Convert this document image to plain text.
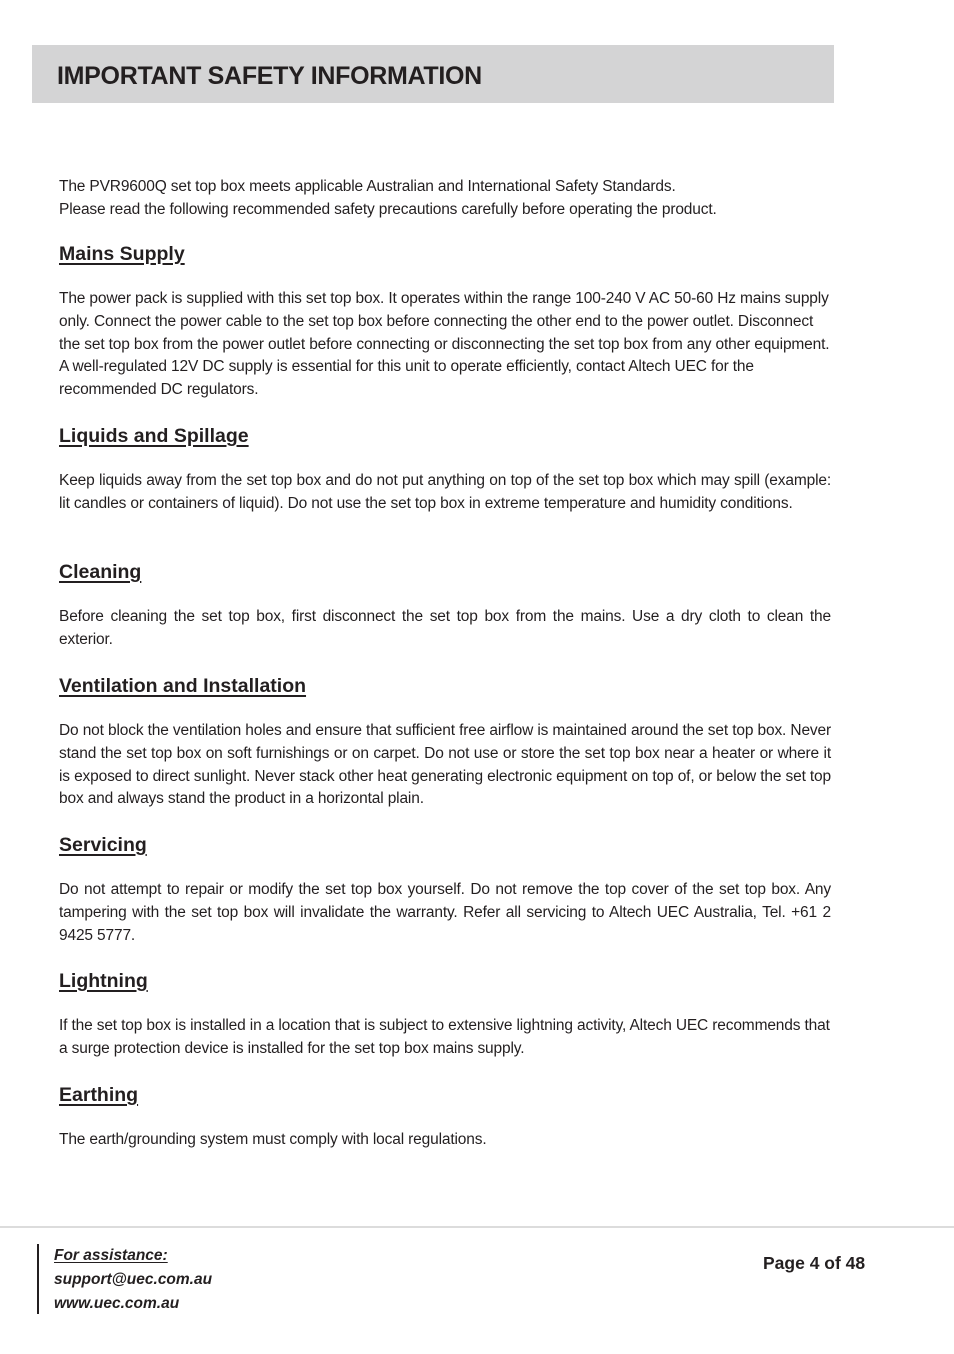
IMPORTANT SAFETY INFORMATION

The PVR9600Q set top box meets applicable Australian and International Safety Standards.

Please read the following recommended safety precautions carefully before operating the product.

Mains Supply

The power pack is supplied with this set top box. It operates within the range 100-240 V AC 50-60 Hz mains supply only. Connect the power cable to the set top box before connecting the other end to the power outlet. Disconnect the set top box from the power outlet before connecting or disconnecting the set top box from any other equipment. A well-regulated 12V DC supply is essential for this unit to operate efficiently, contact Altech UEC for the recommended DC regulators.

Liquids and Spillage

Keep liquids away from the set top box and do not put anything on top of the set top box which may spill (example: lit candles or containers of liquid). Do not use the set top box in extreme temperature and humidity conditions.

Cleaning

Before cleaning the set top box, first disconnect the set top box from the mains. Use a dry cloth to clean the exterior.

Ventilation and Installation

Do not block the ventilation holes and ensure that sufficient free airflow is maintained around the set top box. Never stand the set top box on soft furnishings or on carpet. Do not use or store the set top box near a heater or where it is exposed to direct sunlight. Never stack other heat generating electronic equipment on top of, or below the set top box and always stand the product in a horizontal plain.

Servicing

Do not attempt to repair or modify the set top box yourself. Do not remove the top cover of the set top box. Any tampering with the set top box will invalidate the warranty. Refer all servicing to Altech UEC Australia, Tel. +61 2 9425 5777.

Lightning

If the set top box is installed in a location that is subject to extensive lightning activity, Altech UEC recommends that a surge protection device is installed for the set top box mains supply.

Earthing

The earth/grounding system must comply with local regulations.

For assistance:
support@uec.com.au
www.uec.com.au
Page 4 of 48
